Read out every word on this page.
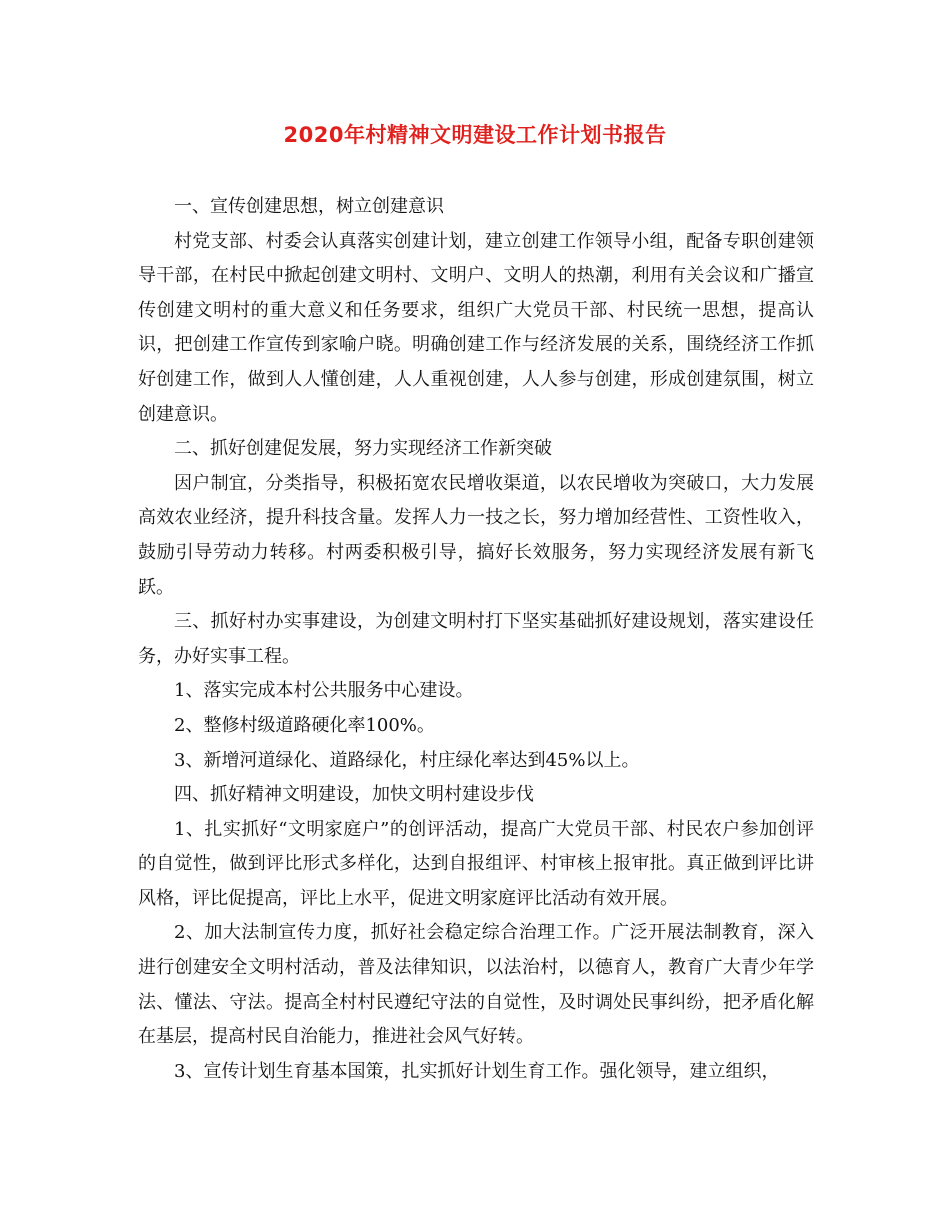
2020年村精神文明建设工作计划书报告

一、宣传创建思想，树立创建意识

村党支部、村委会认真落实创建计划，建立创建工作领导小组，配备专职创建领导干部，在村民中掀起创建文明村、文明户、文明人的热潮，利用有关会议和广播宣传创建文明村的重大意义和任务要求，组织广大党员干部、村民统一思想，提高认识，把创建工作宣传到家喻户晓。明确创建工作与经济发展的关系，围绕经济工作抓好创建工作，做到人人懂创建，人人重视创建，人人参与创建，形成创建氛围，树立创建意识。

二、抓好创建促发展，努力实现经济工作新突破

因户制宜，分类指导，积极拓宽农民增收渠道，以农民增收为突破口，大力发展高效农业经济，提升科技含量。发挥人力一技之长，努力增加经营性、工资性收入，鼓励引导劳动力转移。村两委积极引导，搞好长效服务，努力实现经济发展有新飞跃。

三、抓好村办实事建设，为创建文明村打下坚实基础抓好建设规划，落实建设任务，办好实事工程。

1、落实完成本村公共服务中心建设。

2、整修村级道路硬化率100%。

3、新增河道绿化、道路绿化，村庄绿化率达到45%以上。

四、抓好精神文明建设，加快文明村建设步伐

1、扎实抓好“文明家庭户”的创评活动，提高广大党员干部、村民农户参加创评的自觉性，做到评比形式多样化，达到自报组评、村审核上报审批。真正做到评比讲风格，评比促提高，评比上水平，促进文明家庭评比活动有效开展。

2、加大法制宣传力度，抓好社会稳定综合治理工作。广泛开展法制教育，深入进行创建安全文明村活动，普及法律知识，以法治村，以德育人，教育广大青少年学法、懂法、守法。提高全村村民遵纪守法的自觉性，及时调处民事纠纷，把矛盾化解在基层，提高村民自治能力，推进社会风气好转。

3、宣传计划生育基本国策，扎实抓好计划生育工作。强化领导，建立组织，
